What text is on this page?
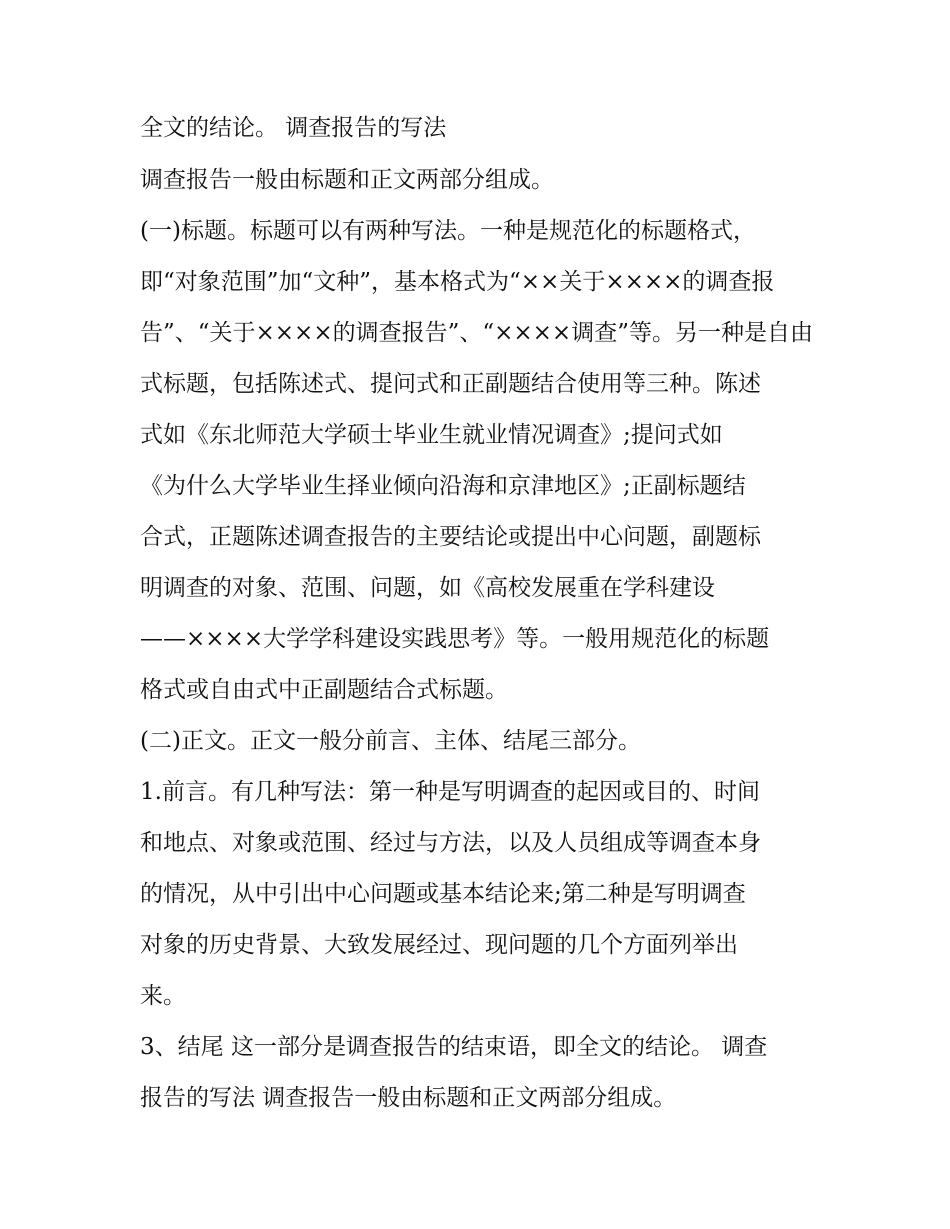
全文的结论。 调查报告的写法
调查报告一般由标题和正文两部分组成。
(一)标题。标题可以有两种写法。一种是规范化的标题格式，
即“对象范围”加“文种”，基本格式为“××关于××××的调查报
告”、“关于××××的调查报告”、“××××调查”等。另一种是自由
式标题，包括陈述式、提问式和正副题结合使用等三种。陈述
式如《东北师范大学硕士毕业生就业情况调查》;提问式如
《为什么大学毕业生择业倾向沿海和京津地区》;正副标题结
合式，正题陈述调查报告的主要结论或提出中心问题，副题标
明调查的对象、范围、问题，如《高校发展重在学科建设
——××××大学学科建设实践思考》等。一般用规范化的标题
格式或自由式中正副题结合式标题。
(二)正文。正文一般分前言、主体、结尾三部分。
1.前言。有几种写法：第一种是写明调查的起因或目的、时间
和地点、对象或范围、经过与方法，以及人员组成等调查本身
的情况，从中引出中心问题或基本结论来;第二种是写明调查
对象的历史背景、大致发展经过、现问题的几个方面列举出
来。
3、结尾 这一部分是调查报告的结束语，即全文的结论。 调查
报告的写法 调查报告一般由标题和正文两部分组成。
